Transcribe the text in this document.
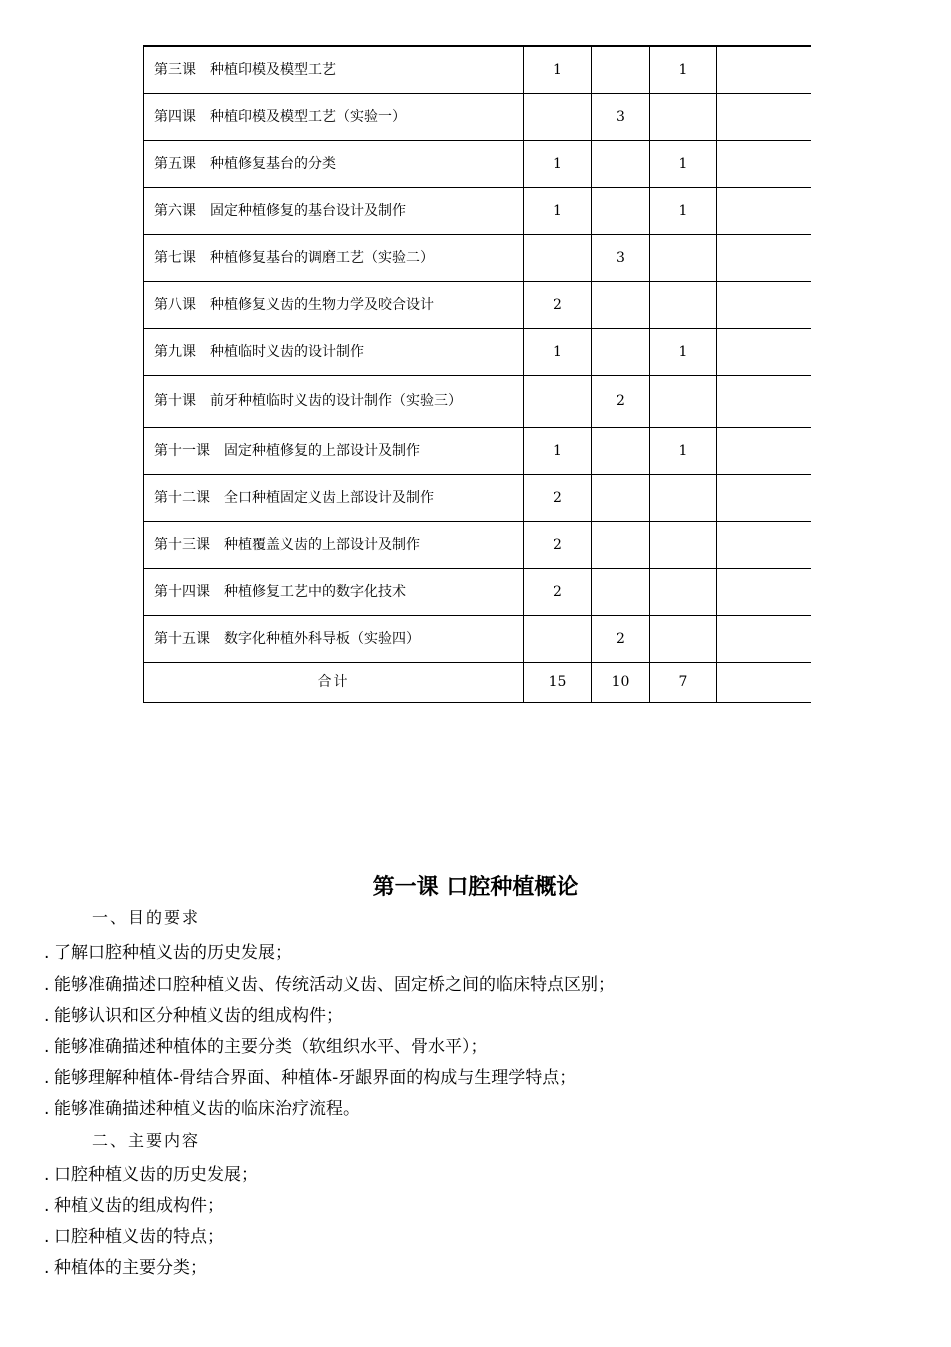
第三课　种植印模及模型工艺	1		1	
第四课　种植印模及模型工艺（实验一）		3		
第五课　种植修复基台的分类	1		1	
第六课　固定种植修复的基台设计及制作	1		1	
第七课　种植修复基台的调磨工艺（实验二）		3		
第八课　种植修复义齿的生物力学及咬合设计	2			
第九课　种植临时义齿的设计制作	1		1	
第十课　前牙种植临时义齿的设计制作（实验三）		2		
第十一课　固定种植修复的上部设计及制作	1		1	
第十二课　全口种植固定义齿上部设计及制作	2			
第十三课　种植覆盖义齿的上部设计及制作	2			
第十四课　种植修复工艺中的数字化技术	2			
第十五课　数字化种植外科导板（实验四）		2		
合计	15	10	7	
第一课 口腔种植概论
一、目的要求
. 了解口腔种植义齿的历史发展；
. 能够准确描述口腔种植义齿、传统活动义齿、固定桥之间的临床特点区别；
. 能够认识和区分种植义齿的组成构件；
. 能够准确描述种植体的主要分类（软组织水平、骨水平）；
. 能够理解种植体-骨结合界面、种植体-牙龈界面的构成与生理学特点；
. 能够准确描述种植义齿的临床治疗流程。
二、主要内容
. 口腔种植义齿的历史发展；
. 种植义齿的组成构件；
. 口腔种植义齿的特点；
. 种植体的主要分类；
